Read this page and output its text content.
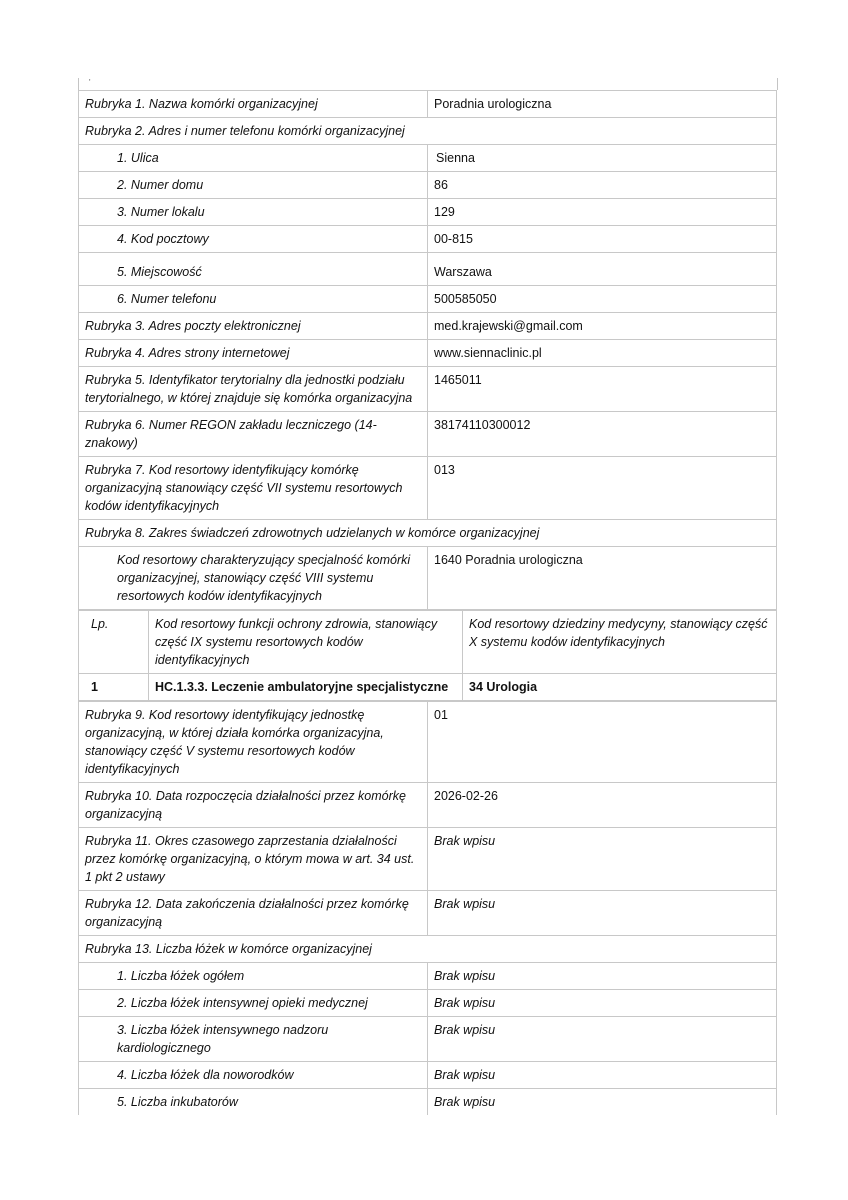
'
Rubryka 1. Nazwa komórki organizacyjnej	Poradnia urologiczna
Rubryka 2. Adres i numer telefonu komórki organizacyjnej	
1. Ulica	Sienna
2. Numer domu	86
3. Numer lokalu	129
4. Kod pocztowy	00-815
5. Miejscowość	Warszawa
6. Numer telefonu	500585050
Rubryka 3. Adres poczty elektronicznej	med.krajewski@gmail.com
Rubryka 4. Adres strony internetowej	www.siennaclinic.pl
Rubryka 5. Identyfikator terytorialny dla jednostki podziału terytorialnego, w której znajduje się komórka organizacyjna	1465011
Rubryka 6. Numer REGON zakładu leczniczego (14-znakowy)	38174110300012
Rubryka 7. Kod resortowy identyfikujący komórkę organizacyjną stanowiący część VII systemu resortowych kodów identyfikacyjnych	013
Rubryka 8. Zakres świadczeń zdrowotnych udzielanych w komórce organizacyjnej	
Kod resortowy charakteryzujący specjalność komórki organizacyjnej, stanowiący część VIII systemu resortowych kodów identyfikacyjnych	1640 Poradnia urologiczna
Lp.	Kod resortowy funkcji ochrony zdrowia, stanowiący część IX systemu resortowych kodów identyfikacyjnych	Kod resortowy dziedziny medycyny, stanowiący część X systemu kodów identyfikacyjnych
1	HC.1.3.3. Leczenie ambulatoryjne specjalistyczne	34 Urologia
Rubryka 9. Kod resortowy identyfikujący jednostkę organizacyjną, w której działa komórka organizacyjna, stanowiący część V systemu resortowych kodów identyfikacyjnych	01
Rubryka 10. Data rozpoczęcia działalności przez komórkę organizacyjną	2026-02-26
Rubryka 11. Okres czasowego zaprzestania działalności przez komórkę organizacyjną, o którym mowa w art. 34 ust. 1 pkt 2 ustawy	Brak wpisu
Rubryka 12. Data zakończenia działalności przez komórkę organizacyjną	Brak wpisu
Rubryka 13. Liczba łóżek w komórce organizacyjnej	
1. Liczba łóżek ogółem	Brak wpisu
2. Liczba łóżek intensywnej opieki medycznej	Brak wpisu
3. Liczba łóżek intensywnego nadzoru kardiologicznego	Brak wpisu
4. Liczba łóżek dla noworodków	Brak wpisu
5. Liczba inkubatorów	Brak wpisu
